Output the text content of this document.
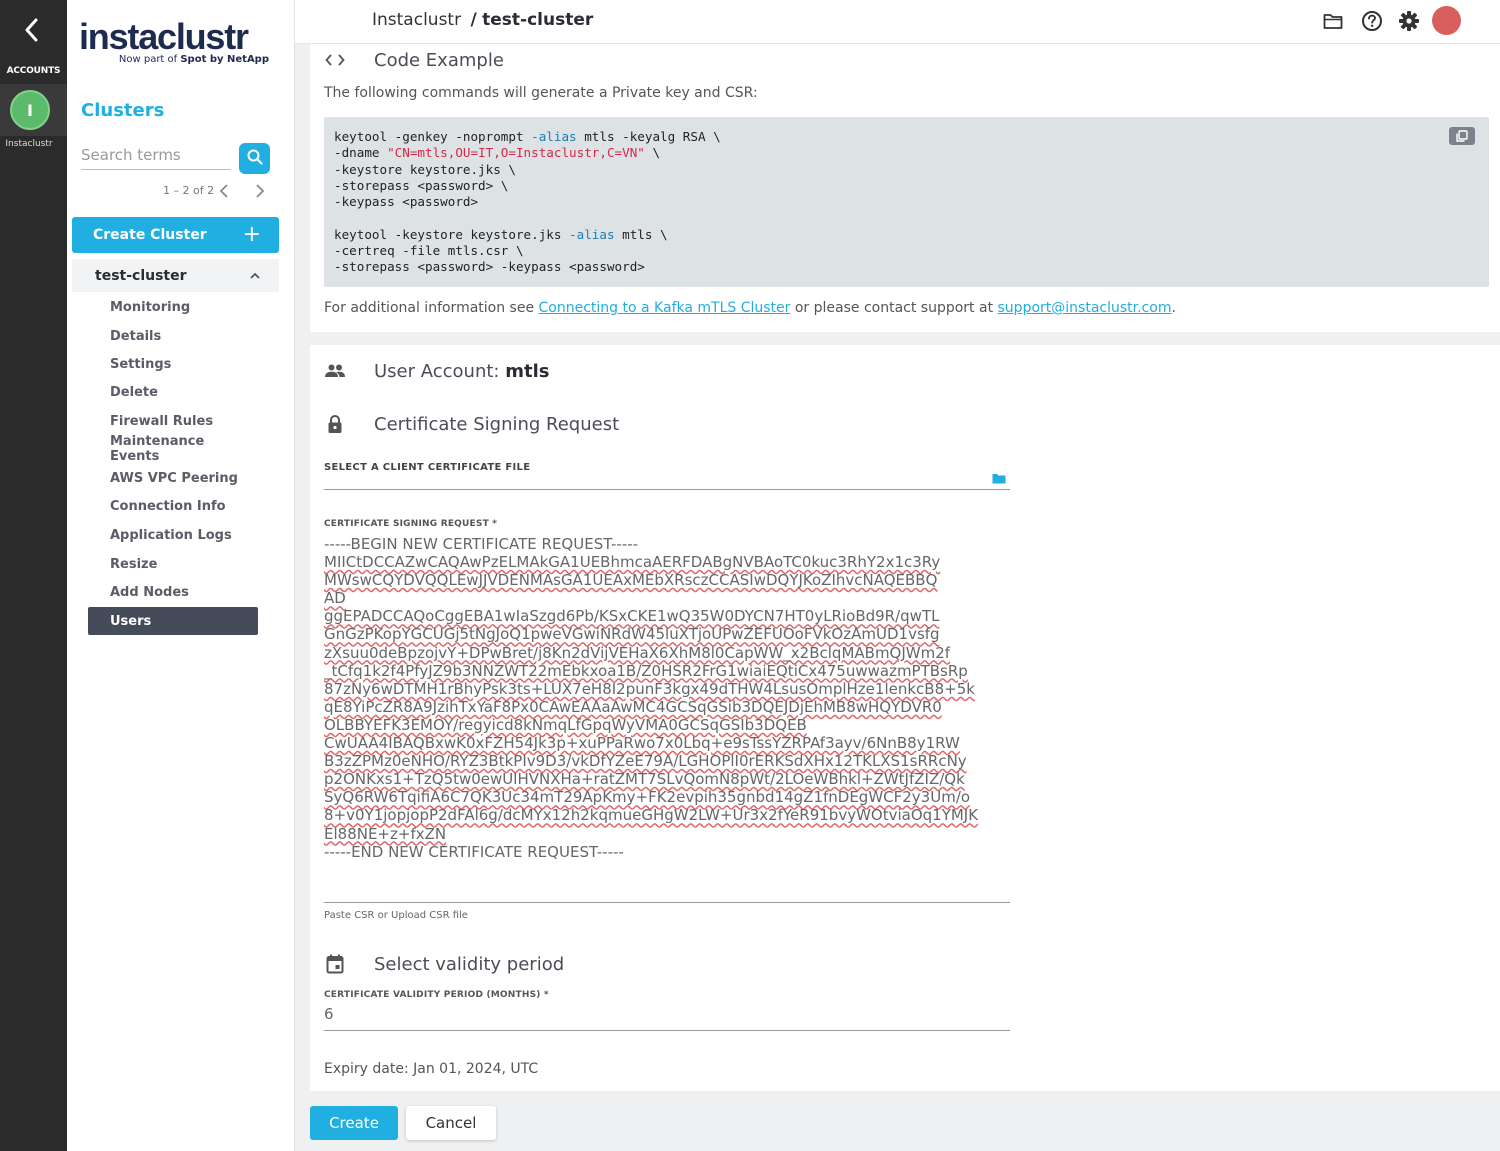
ACCOUNTS
I
Instaclustr
instaclustr
Now part of Spot by NetApp
Clusters
Search terms
1 – 2 of 2
Create Cluster +
test-cluster
Monitoring
Details
Settings
Delete
Firewall Rules
Maintenance Events
AWS VPC Peering
Connection Info
Application Logs
Resize
Add Nodes
Users
Instaclustr / test-cluster
Code Example
The following commands will generate a Private key and CSR:
keytool -genkey -noprompt -alias mtls -keyalg RSA \
-dname "CN=mtls,OU=IT,O=Instaclustr,C=VN" \
-keystore keystore.jks \
-storepass <password> \
-keypass <password>

keytool -keystore keystore.jks -alias mtls \
-certreq -file mtls.csr \
-storepass <password> -keypass <password>
For additional information see Connecting to a Kafka mTLS Cluster or please contact support at support@instaclustr.com.
User Account: mtls
Certificate Signing Request
SELECT A CLIENT CERTIFICATE FILE
CERTIFICATE SIGNING REQUEST *
-----BEGIN NEW CERTIFICATE REQUEST-----
MIICtDCCAZwCAQAwPzELMAkGA1UEBhmcaAERFDABgNVBAoTC0kuc3RhY2x1c3Ry
MWswCQYDVQQLEwJJVDENMAsGA1UEAxMEbXRsczCCASIwDQYJKoZIhvcNAQEBBQ
AD
ggEPADCCAQoCggEBA1wIaSzgd6Pb/KSxCKE1wQ35W0DYCN7HT0yLRioBd9R/qwTL
GnGzPKopYGCUGj5tNgJoQ1pweVGwiNRdW45luXTjoUPwZEFUOoFVkOzAmUD1vsfg
zXsuu0deBpzojvY+DPwBret/j8Kn2dVijVEHaX6XhM8l0CapWW_x2BclqMABmQJWm2f
_tCfq1k2f4PfyJZ9b3NNZWT22mEbkxoa1B/Z0HSR2FrG1wiaiEQtiCx475uwwazmPTBsRp
87zNy6wDTMH1rBhyPsk3ts+LUX7eH8I2punF3kgx49dTHW4LsusOmplHze1lenkcB8+5k
qE8YiPcZR8A9JzihTxYaF8Px0CAwEAAaAwMC4GCSqGSib3DQEJDjEhMB8wHQYDVR0
OLBBYEFK3EMOY/regyicd8kNmqLfGpqWyVMA0GCSqGSIb3DQEB
CwUAA4IBAQBxwK0xFZH54Jk3p+xuPPaRwo7x0Lbq+e9sTssYZRPAf3ayv/6NnB8y1RW
B3zZPMz0eNHO/RYZ3BtkPIv9D3/vkDfYZeE79A/LGHOPlI0rERKSdXHx12TKLXS1sRRcNy
p2ONKxs1+TzQ5tw0ewUlHVNXHa+ratZMT7SLvQomN8pWt/2LOeWBhkl+ZWtJfZIZ/Qk
SyQ6RW6TqifiA6C7QK3Uc34mT29ApKmy+FK2evpih35gnbd14gZ1fnDEgWCF2y3Um/o
8+v0Y1jopjopP2dFAl6g/dcMYx12h2kqmueGHgW2LW+Ur3x2fYeR91bvyWOtviaOq1YMJK
El88NE+z+fxZN
-----END NEW CERTIFICATE REQUEST-----
Paste CSR or Upload CSR file
Select validity period
CERTIFICATE VALIDITY PERIOD (MONTHS) *
6
Expiry date: Jan 01, 2024, UTC
Create	Cancel
